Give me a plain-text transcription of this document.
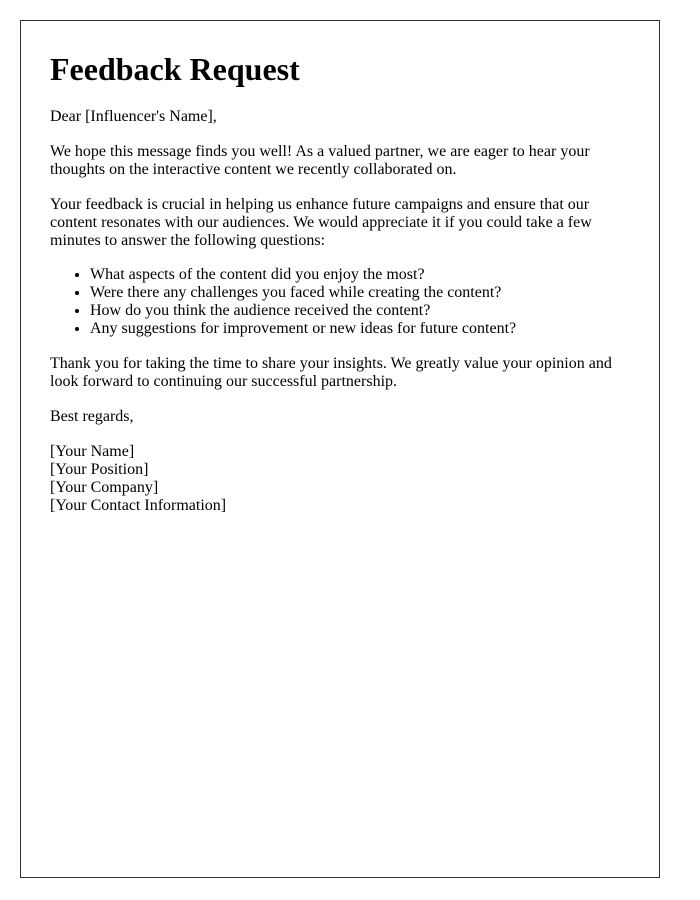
Feedback Request

Dear [Influencer's Name],

We hope this message finds you well! As a valued partner, we are eager to hear your thoughts on the interactive content we recently collaborated on.

Your feedback is crucial in helping us enhance future campaigns and ensure that our content resonates with our audiences. We would appreciate it if you could take a few minutes to answer the following questions:

• What aspects of the content did you enjoy the most?
• Were there any challenges you faced while creating the content?
• How do you think the audience received the content?
• Any suggestions for improvement or new ideas for future content?

Thank you for taking the time to share your insights. We greatly value your opinion and look forward to continuing our successful partnership.

Best regards,

[Your Name]
[Your Position]
[Your Company]
[Your Contact Information]
